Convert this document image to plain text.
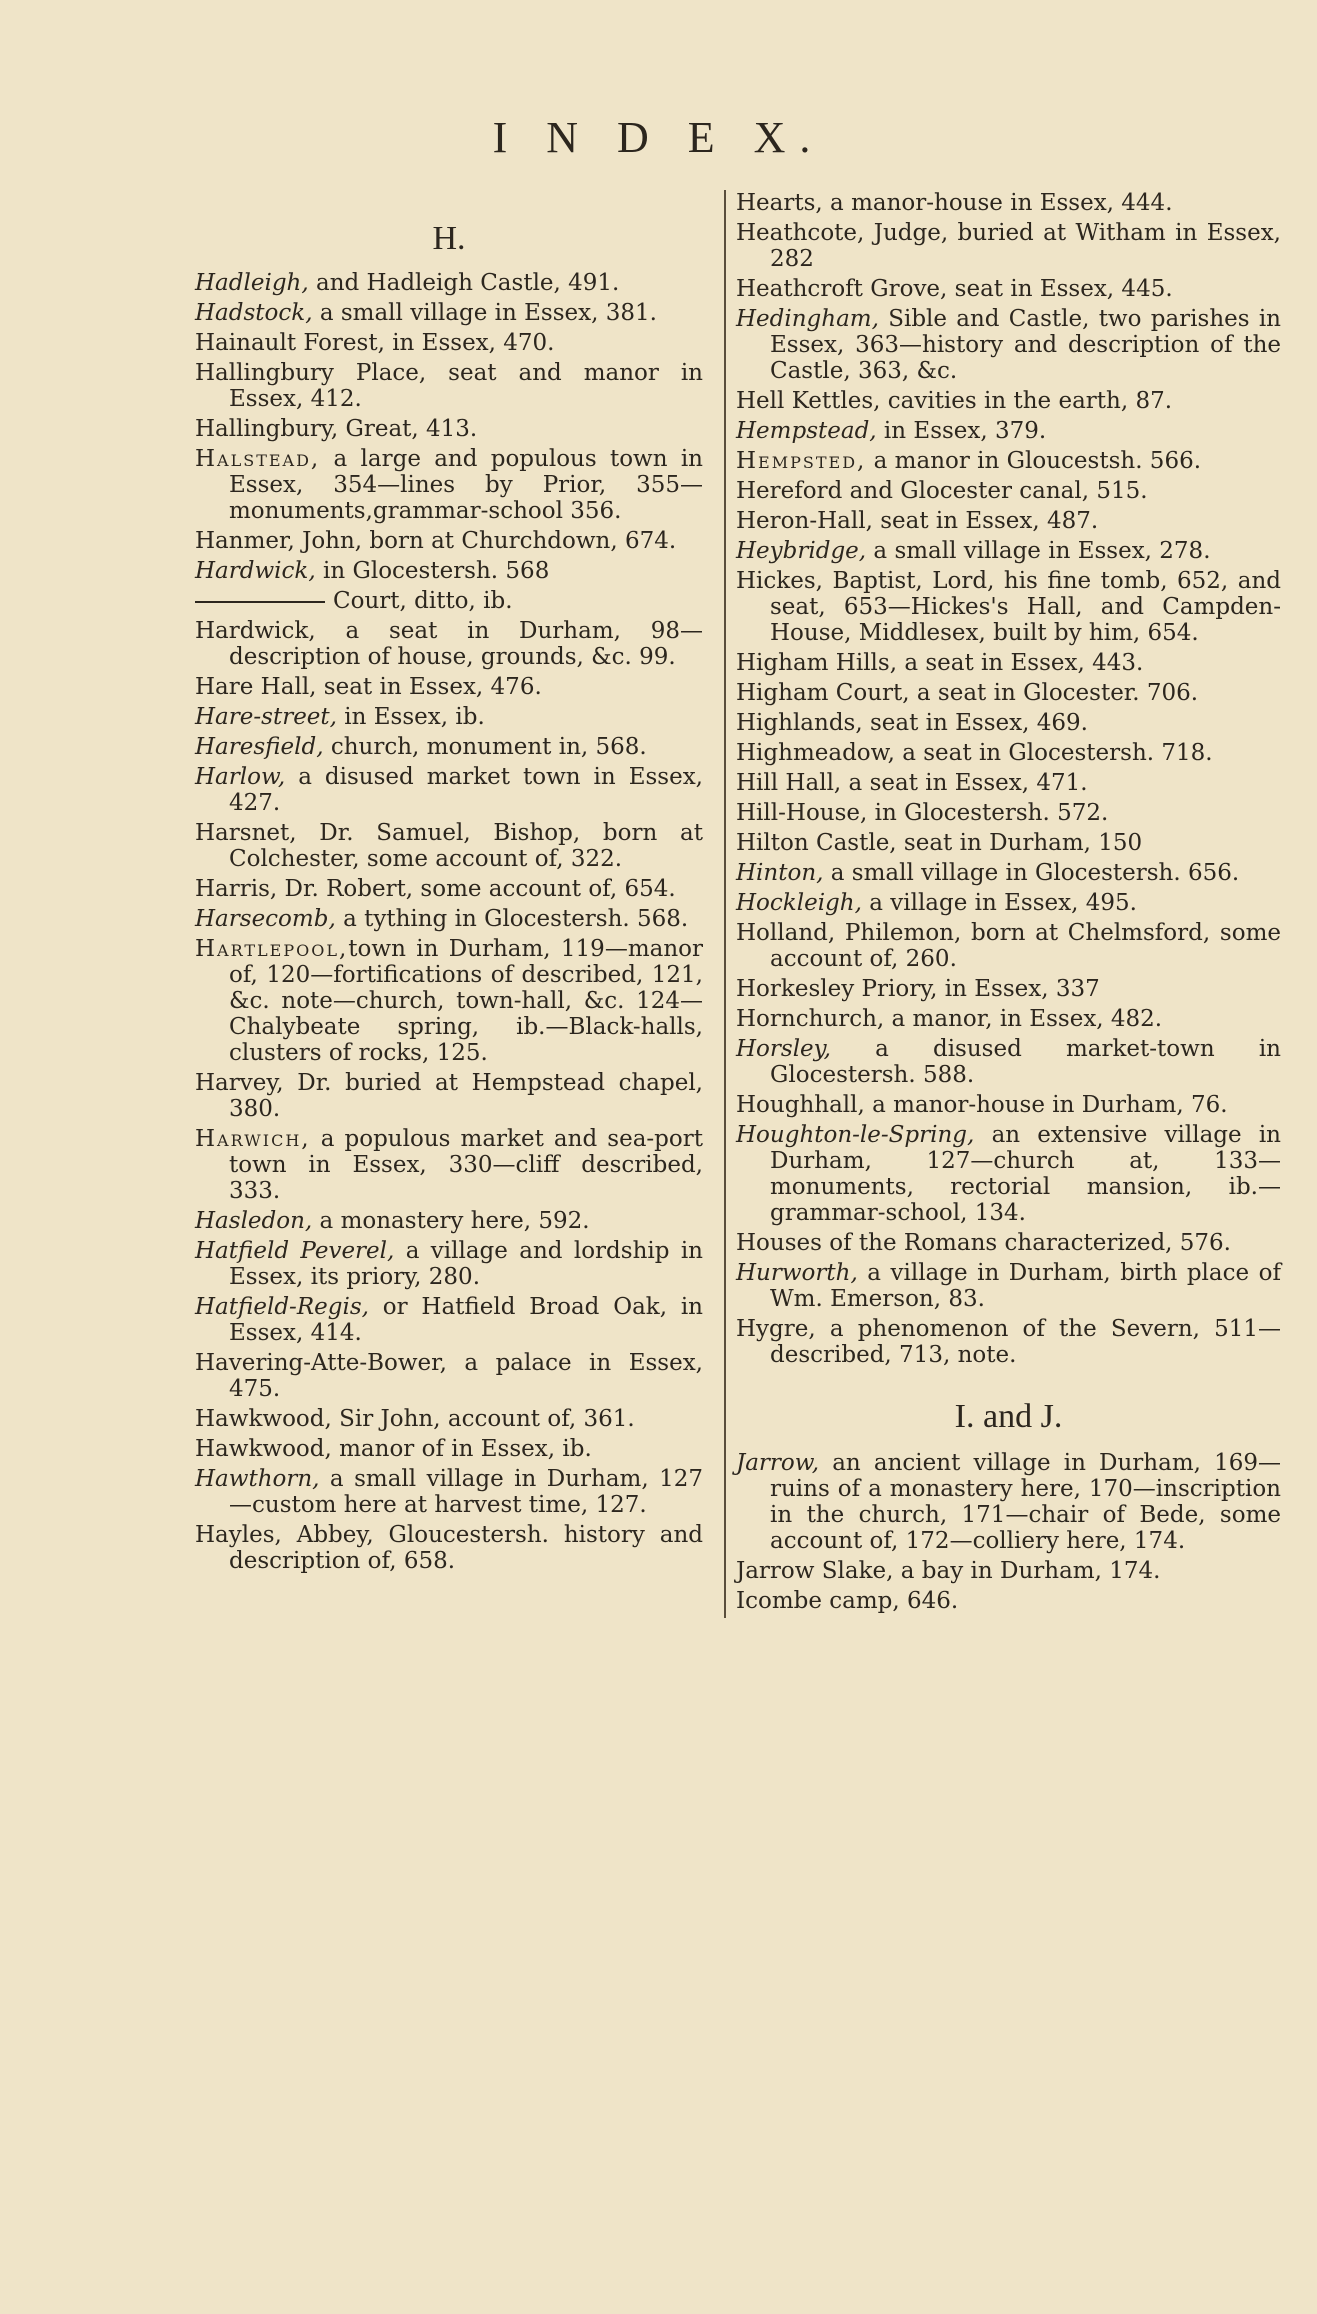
I N D E X.
H.

Hadleigh, and Hadleigh Castle, 491.

Hadstock, a small village in Essex, 381.

Hainault Forest, in Essex, 470.

Hallingbury Place, seat and manor in Essex, 412.

Hallingbury, Great, 413.

Halstead, a large and populous town in Essex, 354—lines by Prior, 355—monuments,grammar-school 356.

Hanmer, John, born at Churchdown, 674.

Hardwick, in Glocestersh. 568

Court, ditto, ib.

Hardwick, a seat in Durham, 98—description of house, grounds, &c. 99.

Hare Hall, seat in Essex, 476.

Hare-street, in Essex, ib.

Haresfield, church, monument in, 568.

Harlow, a disused market town in Essex, 427.

Harsnet, Dr. Samuel, Bishop, born at Colchester, some account of, 322.

Harris, Dr. Robert, some account of, 654.

Harsecomb, a tything in Glocestersh. 568.

Hartlepool,town in Durham, 119—manor of, 120—fortifications of described, 121, &c. note—church, town-hall, &c. 124—Chalybeate spring, ib.—Black-halls, clusters of rocks, 125.

Harvey, Dr. buried at Hempstead chapel, 380.

Harwich, a populous market and sea-port town in Essex, 330—cliff described, 333.

Hasledon, a monastery here, 592.

Hatfield Peverel, a village and lordship in Essex, its priory, 280.

Hatfield-Regis, or Hatfield Broad Oak, in Essex, 414.

Havering-Atte-Bower, a palace in Essex, 475.

Hawkwood, Sir John, account of, 361.

Hawkwood, manor of in Essex, ib.

Hawthorn, a small village in Durham, 127—custom here at harvest time, 127.

Hayles, Abbey, Gloucestersh. history and description of, 658.

Hearts, a manor-house in Essex, 444.

Heathcote, Judge, buried at Witham in Essex, 282

Heathcroft Grove, seat in Essex, 445.

Hedingham, Sible and Castle, two parishes in Essex, 363—history and description of the Castle, 363, &c.

Hell Kettles, cavities in the earth, 87.

Hempstead, in Essex, 379.

Hempsted, a manor in Gloucestsh. 566.

Hereford and Glocester canal, 515.

Heron-Hall, seat in Essex, 487.

Heybridge, a small village in Essex, 278.

Hickes, Baptist, Lord, his fine tomb, 652, and seat, 653—Hickes's Hall, and Campden-House, Middlesex, built by him, 654.

Higham Hills, a seat in Essex, 443.

Higham Court, a seat in Glocester. 706.

Highlands, seat in Essex, 469.

Highmeadow, a seat in Glocestersh. 718.

Hill Hall, a seat in Essex, 471.

Hill-House, in Glocestersh. 572.

Hilton Castle, seat in Durham, 150

Hinton, a small village in Glocestersh. 656.

Hockleigh, a village in Essex, 495.

Holland, Philemon, born at Chelmsford, some account of, 260.

Horkesley Priory, in Essex, 337

Hornchurch, a manor, in Essex, 482.

Horsley, a disused market-town in Glocestersh. 588.

Houghhall, a manor-house in Durham, 76.

Houghton-le-Spring, an extensive village in Durham, 127—church at, 133—monuments, rectorial mansion, ib.—grammar-school, 134.

Houses of the Romans characterized, 576.

Hurworth, a village in Durham, birth place of Wm. Emerson, 83.

Hygre, a phenomenon of the Severn, 511—described, 713, note.

I. and J.

Jarrow, an ancient village in Durham, 169—ruins of a monastery here, 170—inscription in the church, 171—chair of Bede, some account of, 172—colliery here, 174.

Jarrow Slake, a bay in Durham, 174.

Icombe camp, 646.
